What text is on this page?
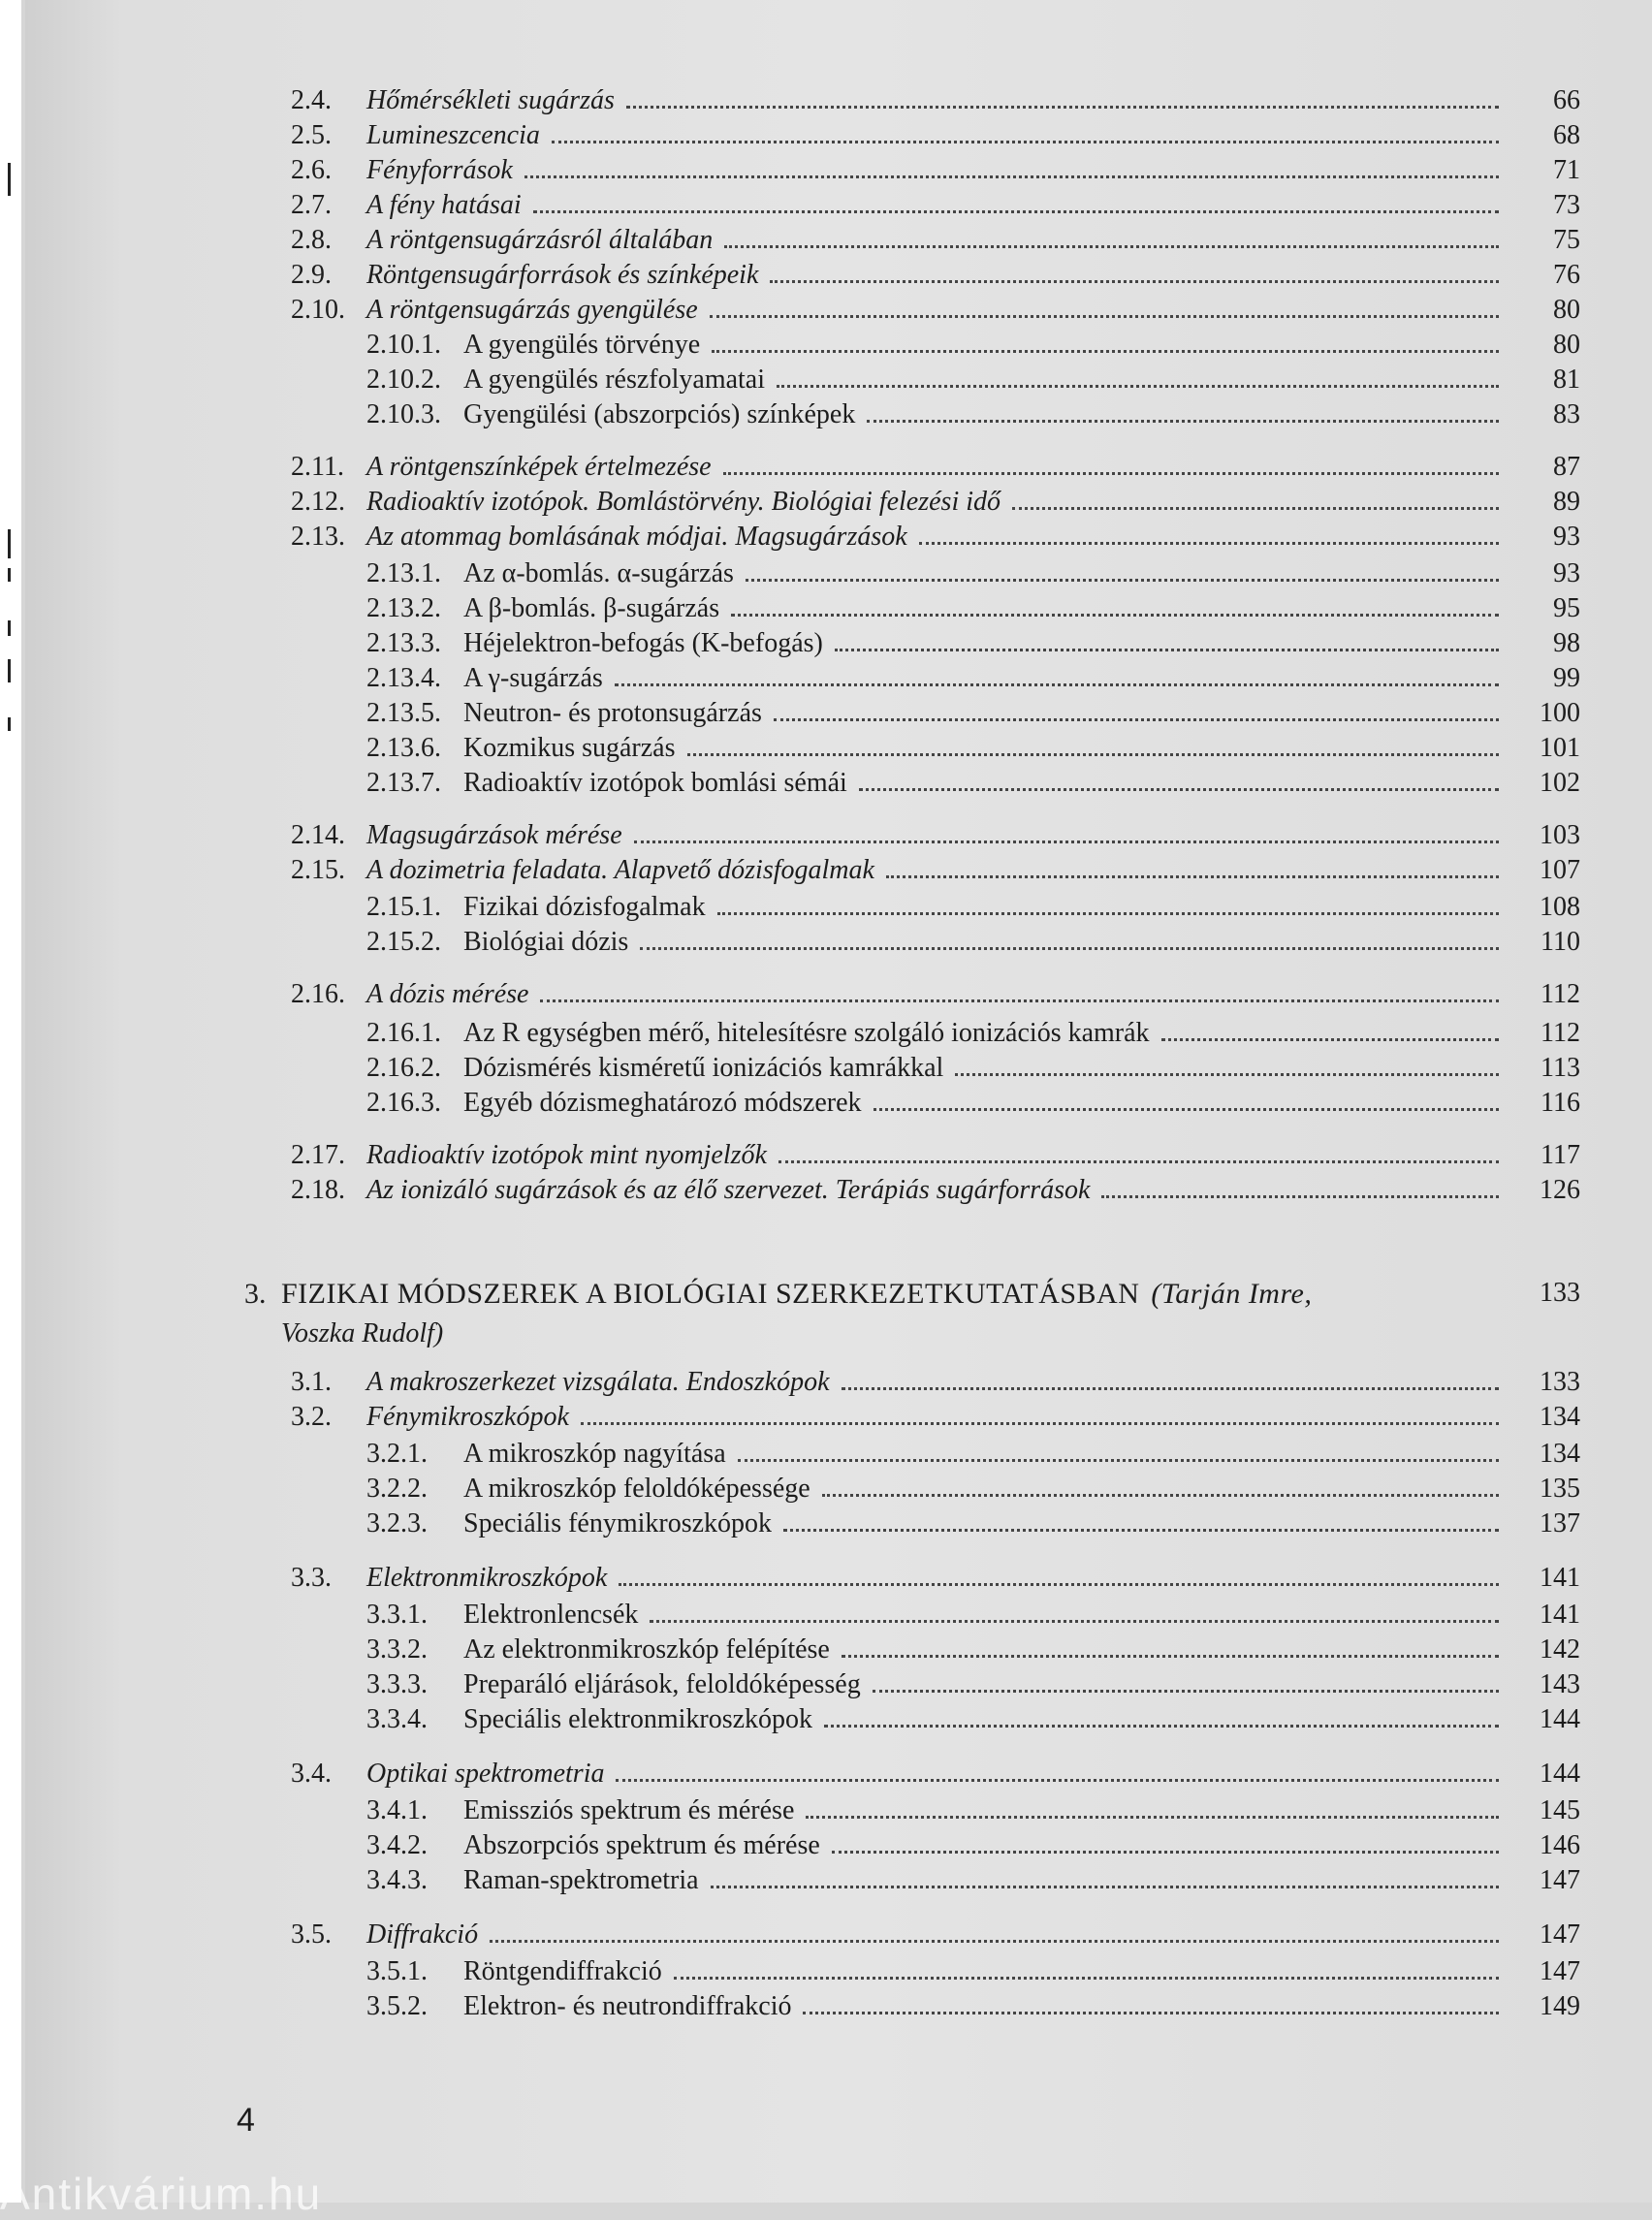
2.4. Hőmérsékleti sugárzás	66
2.5. Lumineszcencia	68
2.6. Fényforrások	71
2.7. A fény hatásai	73
2.8. A röntgensugárzásról általában	75
2.9. Röntgensugárforrások és színképeik	76
2.10. A röntgensugárzás gyengülése	80
2.10.1. A gyengülés törvénye	80
2.10.2. A gyengülés részfolyamatai	81
2.10.3. Gyengülési (abszorpciós) színképek	83
2.11. A röntgenszínképek értelmezése	87
2.12. Radioaktív izotópok. Bomlástörvény. Biológiai felezési idő	89
2.13. Az atommag bomlásának módjai. Magsugárzások	93
2.13.1. Az α-bomlás. α-sugárzás	93
2.13.2. A β-bomlás. β-sugárzás	95
2.13.3. Héjelektron-befogás (K-befogás)	98
2.13.4. A γ-sugárzás	99
2.13.5. Neutron- és protonsugárzás	100
2.13.6. Kozmikus sugárzás	101
2.13.7. Radioaktív izotópok bomlási sémái	102
2.14. Magsugárzások mérése	103
2.15. A dozimetria feladata. Alapvető dózisfogalmak	107
2.15.1. Fizikai dózisfogalmak	108
2.15.2. Biológiai dózis	110
2.16. A dózis mérése	112
2.16.1. Az R egységben mérő, hitelesítésre szolgáló ionizációs kamrák	112
2.16.2. Dózismérés kisméretű ionizációs kamrákkal	113
2.16.3. Egyéb dózismeghatározó módszerek	116
2.17. Radioaktív izotópok mint nyomjelzők	117
2.18. Az ionizáló sugárzások és az élő szervezet. Terápiás sugárforrások	126
3.1. A makroszerkezet vizsgálata. Endoszkópok	133
3.2. Fénymikroszkópok	134
3.2.1. A mikroszkóp nagyítása	134
3.2.2. A mikroszkóp feloldóképessége	135
3.2.3. Speciális fénymikroszkópok	137
3.3. Elektronmikroszkópok	141
3.3.1. Elektronlencsék	141
3.3.2. Az elektronmikroszkóp felépítése	142
3.3.3. Preparáló eljárások, feloldóképesség	143
3.3.4. Speciális elektronmikroszkópok	144
3.4. Optikai spektrometria	144
3.4.1. Emissziós spektrum és mérése	145
3.4.2. Abszorpciós spektrum és mérése	146
3.4.3. Raman-spektrometria	147
3.5. Diffrakció	147
3.5.1. Röntgendiffrakció	147
3.5.2. Elektron- és neutrondiffrakció	149
3. FIZIKAI MÓDSZEREK A BIOLÓGIAI SZERKEZETKUTATÁSBAN (Tarján Imre,	133
Voszka Rudolf)
4
Antikvárium.hu
